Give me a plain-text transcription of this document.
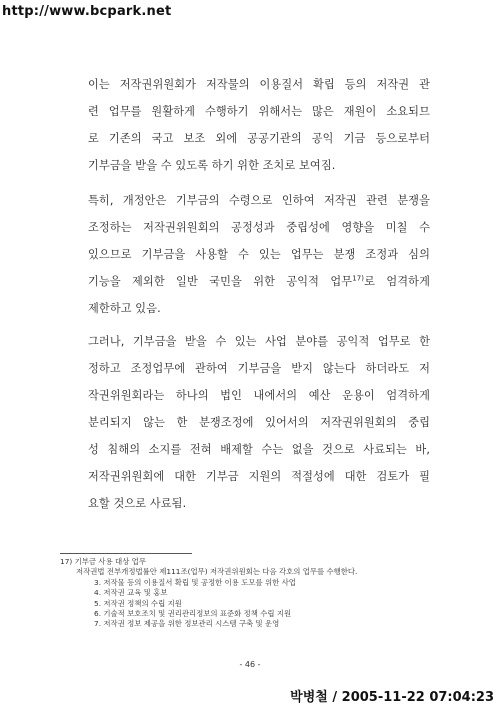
http://www.bcpark.net
이는 저작권위원회가 저작물의 이용질서 확립 등의 저작권 관
련 업무를 원활하게 수행하기 위해서는 많은 재원이 소요되므
로 기존의 국고 보조 외에 공공기관의 공익 기금 등으로부터
기부금을 받을 수 있도록 하기 위한 조치로 보여짐.
특히, 개정안은 기부금의 수령으로 인하여 저작권 관련 분쟁을
조정하는 저작권위원회의 공정성과 중립성에 영향을 미칠 수
있으므로 기부금을 사용할 수 있는 업무는 분쟁 조정과 심의
기능을 제외한 일반 국민을 위한 공익적 업무$^{17)}$로 엄격하게
제한하고 있음.
그러나, 기부금을 받을 수 있는 사업 분야를 공익적 업무로 한
정하고 조정업무에 관하여 기부금을 받지 않는다 하더라도 저
작권위원회라는 하나의 법인 내에서의 예산 운용이 엄격하게
분리되지 않는 한 분쟁조정에 있어서의 저작권위원회의 중립
성 침해의 소지를 전혀 배제할 수는 없을 것으로 사료되는 바,
저작권위원회에 대한 기부금 지원의 적절성에 대한 검토가 필
요할 것으로 사료됨.
17) 기부금 사용 대상 업무
저작권법 전부개정법률안 제111조(업무) 저작권위원회는 다음 각호의 업무를 수행한다.
3. 저작물 등의 이용질서 확립 및 공정한 이용 도모를 위한 사업
4. 저작권 교육 및 홍보
5. 저작권 정책의 수립 지원
6. 기술적 보호조치 및 권리관리정보의 표준화 정책 수립 지원
7. 저작권 정보 제공을 위한 정보관리 시스템 구축 및 운영
- 46 -
박병철 / 2005-11-22 07:04:23
